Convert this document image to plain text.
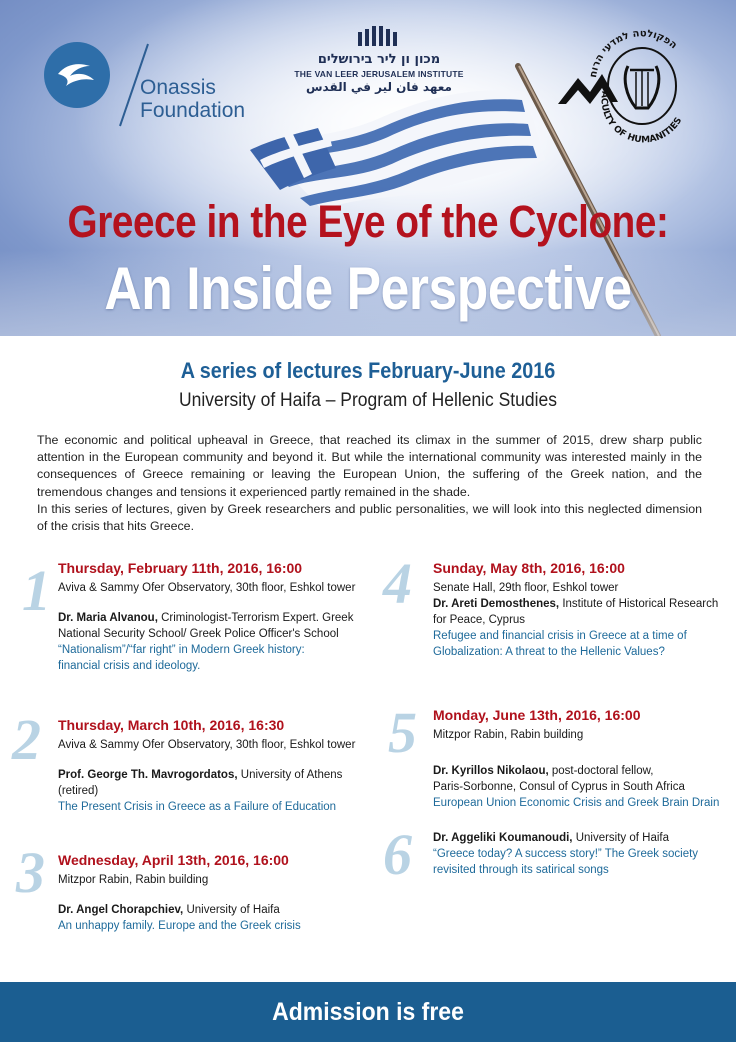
Onassis
Foundation
מכון ון ליר בירושלים
THE VAN LEER JERUSALEM INSTITUTE
معهد فان لير في القدس	FACULTY OF HUMANITIES
הפקולטה למדעי הרוח
Greece in the Eye of the Cyclone:
An Inside Perspective
A series of lectures February-June 2016
University of Haifa – Program of Hellenic Studies

The economic and political upheaval in Greece, that reached its climax in the summer of 2015, drew sharp public attention in the European community and beyond it. But while the international community was interested mainly in the consequences of Greece remaining or leaving the European Union, the suffering of the Greek nation, and the tremendous changes and tensions it experienced partly remained in the shade.

In this series of lectures, given by Greek researchers and public personalities, we will look into this neglected dimension of the crisis that hits Greece.

1 Thursday, February 11th, 2016, 16:00
Aviva & Sammy Ofer Observatory, 30th floor, Eshkol tower
Dr. Maria Alvanou, Criminologist-Terrorism Expert. Greek
National Security School/ Greek Police Officer's School
“Nationalism”/“far right” in Modern Greek history:
financial crisis and ideology.
2 Thursday, March 10th, 2016, 16:30
Aviva & Sammy Ofer Observatory, 30th floor, Eshkol tower
Prof. George Th. Mavrogordatos, University of Athens
(retired)
The Present Crisis in Greece as a Failure of Education
3 Wednesday, April 13th, 2016, 16:00
Mitzpor Rabin, Rabin building
Dr. Angel Chorapchiev, University of Haifa
An unhappy family. Europe and the Greek crisis
4 Sunday, May 8th, 2016, 16:00
Senate Hall, 29th floor, Eshkol tower
Dr. Areti Demosthenes, Institute of Historical Research
for Peace, Cyprus
Refugee and financial crisis in Greece at a time of
Globalization: A threat to the Hellenic Values?
5 Monday, June 13th, 2016, 16:00
Mitzpor Rabin, Rabin building
Dr. Kyrillos Nikolaou, post-doctoral fellow,
Paris-Sorbonne, Consul of Cyprus in South Africa
European Union Economic Crisis and Greek Brain Drain
6 Dr. Aggeliki Koumanoudi, University of Haifa
“Greece today? A success story!” The Greek society
revisited through its satirical songs
Admission is free
